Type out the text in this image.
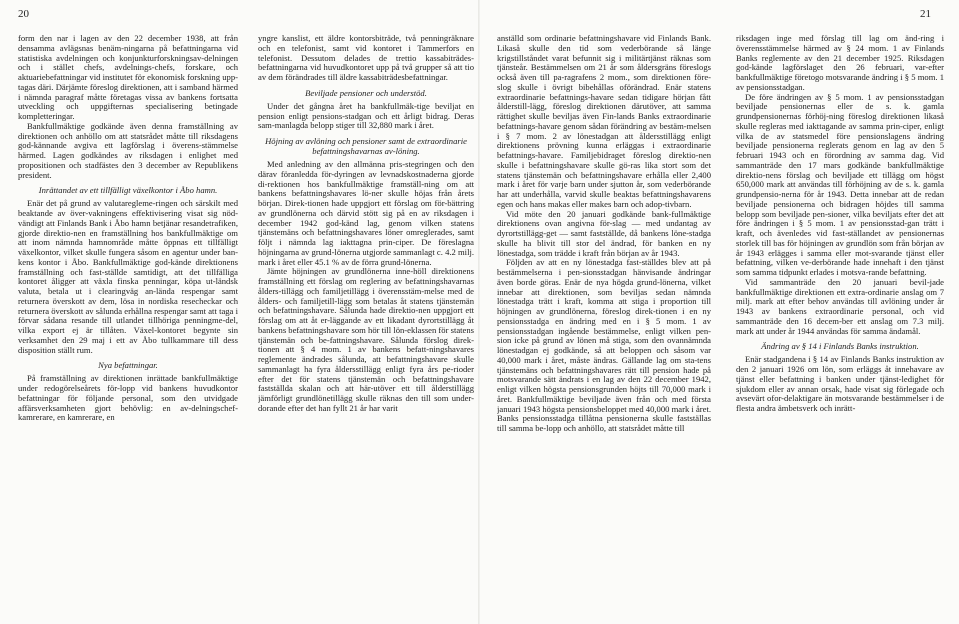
20	21

form den nar i lagen av den 22 december 1938, att från densamma avlägsnas benäm-ningarna på befattningarna vid statistiska avdelningen och konjunkturforskningsav-delningen och i stället chefs, avdelnings-chefs, forskare, och aktuariebefattningar vid institutet för ekonomisk forskning upp-tagas däri. Därjämte föreslog direktionen, att i samband härmed i nämnda paragraf måtte företagas vissa av bankens fortsatta utveckling och uppgifternas specialisering betingade kompletteringar.

Bankfullmäktige godkände även denna framställning av direktionen och anhöllo om att statsrådet måtte till riksdagens god-kännande avgiva ett lagförslag i överens-stämmelse härmed. Lagen godkändes av riksdagen i enlighet med propositionen och stadfästes den 3 december av Republikens president.

Inrättandet av ett tillfälligt växelkontor i Åbo hamn.

Enär det på grund av valutaregleme-ringen och särskilt med beaktande av över-vakningens effektivisering visat sig nöd-vändigt att Finlands Bank i Åbo hamn betjänar resandetrafiken, gjorde direktio-nen en framställning hos bankfullmäktige om att inom nämnda hamnområde måtte öppnas ett tillfälligt växelkontor, vilket skulle fungera såsom en agentur under ban-kens kontor i Åbo. Bankfullmäktige god-kände direktionens framställning och fast-ställde samtidigt, att det tillfälliga kontoret åligger att växla finska penningar, köpa ut-ländsk valuta, betala ut i clearingväg an-lända respengar samt returnera överskott av dem, lösa in nordiska resecheckar och returnera överskott av sålunda erhållna respengar samt att taga i förvar sådana resande till utlandet tillhöriga penningme-del, vilka export ej är tillåten. Växel-kontoret begynte sin verksamhet den 29 maj i ett av Åbo tullkammare till dess disposition ställt rum.

Nya befattningar.

På framställning av direktionen inrättade bankfullmäktige under redogörelseårets för-lopp vid bankens huvudkontor befattningar för följande personal, som den utvidgade affärsverksamheten gjort behövlig: en av-delningschef-kamrerare, en kamrerare, en

yngre kanslist, ett äldre kontorsbiträde, två penningräknare och en telefonist, samt vid kontoret i Tammerfors en telefonist. Dessutom delades de trettio kassabiträdes-befattningarna vid huvudkontoret upp på två grupper så att tio av dem förändrades till äldre kassabiträdesbefattningar.

Beviljade pensioner och understöd.

Under det gångna året ha bankfullmäk-tige beviljat en pension enligt pensions-stadgan och ett årligt bidrag. Deras sam-manlagda belopp stiger till 32,880 mark i året.

Höjning av avlöning och pensioner samt de extraordinarie befattningshavarnas av-löning.

Med anledning av den allmänna pris-stegringen och den därav föranledda för-dyringen av levnadskostnaderna gjorde di-rektionen hos bankfullmäktige framställ-ning om att bankens befattningshavares lö-ner skulle höjas från årets början. Direk-tionen hade uppgjort ett förslag om för-bättring av grundlönerna och därvid stött sig på en av riksdagen i december 1942 god-känd lag, genom vilken statens tjänstemäns och befattningshavares löner omreglerades, samt följt i nämnda lag iakttagna prin-ciper. De föreslagna höjningarna av grund-lönerna utgjorde sammanlagt c. 4.2 milj. mark i året eller 45.1 % av de förra grund-lönerna.

Jämte höjningen av grundlönerna inne-höll direktionens framställning ett förslag om reglering av befattningshavarnas ålders-tillägg och familjetillägg i överensstäm-melse med de ålders- och familjetill-lägg som betalas åt statens tjänstemän och befattningshavare. Sålunda hade direktio-nen uppgjort ett förslag om att åt er-läggande av ett likadant dyrortstillägg åt bankens befattningshavare som hör till lön-eklassen för statens tjänstemän och be-fattningshavare. Sålunda förslog direk-tionen att § 4 mom. 1 av bankens befatt-ningshavares reglemente ändrades sålunda, att befattningshavare skulle sammanlagt ha fyra åldersstillägg enligt fyra års pe-rioder efter det för statens tjänstemän och befattningshavare fastställda skalan och att här-utöver ett till ålderstillägg jämförligt grundlönetillägg skulle räknas den till som under-dorande efter det han fyllt 21 år har varit

anställd som ordinarie befattningshavare vid Finlands Bank. Likaså skulle den tid som vederbörande så länge krigstillståndet varat befunnit sig i militärtjänst räknas som tjänsteår. Bestämmelsen om 21 år som åldersgräns föreslogs också även till pa-ragrafens 2 mom., som direktionen före-slog skulle i övrigt bibehållas oförändrad. Enär statens extraordinarie befattnings-havare sedan tidigare hörjan fått ålderstill-lägg, föreslog direktionen därutöver, att samma rättighet skulle beviljas även Fin-lands Banks extraordinarie befattnings-havare genom sådan förändring av bestäm-melsen i § 7 mom. 2 av lönestadgan att åldersstillägg enligt direktionens prövning kunna erläggas i extraordinarie befattnings-havare. Familjebidraget föreslog direktio-nen skulle i befattningshavare skulle gö-ras lika stort som det statens tjänstemän och befattningshavare erhålla eller 2,400 mark i året för varje barn under sjutton år, som vederbörande har att underhålla, varvid skulle beaktas befattningshavarens egen och hans makas eller makes barn och adop-tivbarn.

Vid möte den 20 januari godkände bank-fullmäktige direktionens ovan angivna för-slag — med undantag av dyrortstillägg-get — samt fastställde, då bankens löne-stadga skulle ha blivit till stor del ändrad, för banken en ny lönestadga, som trädde i kraft från början av år 1943.

Följden av att en ny lönestadga fast-ställdes blev att på bestämmelserna i pen-sionsstadgan hänvisande ändringar även borde göras. Enär de nya högda grund-lönerna, vilket innebar att direktionen, som beviljas sedan nämnda lönestadga trätt i kraft, komma att stiga i proportion till höjningen av grundlönerna, föreslog direk-tionen i en ny pensionsstadga en ändring med en i § 5 mom. 1 av pensionsstadgan ingående bestämmelse, enligt vilken pen-sion icke på grund av lönen må stiga, som den ovannämnda lönestadgan ej godkände, så att beloppen och såsom var 40,000 mark i året, måste ändras. Gällande lag om sta-tens tjänstemäns och befattningshavares rätt till pension hade på motsvarande sätt ändrats i en lag av den 22 december 1942, enligt vilken högsta pensionsgrunden höjts till 70,000 mark i året. Bankfullmäktige beviljade även från och med första januari 1943 högsta pensionsbeloppet med 40,000 mark i året. Banks pensionsstadga tillåtna pensionerna skulle fastställas till samma be-lopp och anhöllo, att statsrådet måtte till

riksdagen inge med förslag till lag om änd-ring i överensstämmelse härmed av § 24 mom. 1 av Finlands Banks reglemente av den 21 december 1925. Riksdagen god-kände lagförslaget den 26 februari, var-efter bankfullmäktige företogo motsvarande ändring i § 5 mom. 1 av pensionsstadgan.

De före ändringen av § 5 mom. 1 av pensionsstadgan beviljade pensionernas eller de s. k. gamla grundpensionernas förhöj-ning föreslog direktionen likaså skulle regleras med iakttagande av samma prin-ciper, enligt vilka de av statsmedel före pensionslagens ändring beviljade pensionerna reglerats genom en lag av den 5 februari 1943 och en förordning av samma dag. Vid sammanträde den 17 mars godkände bankfullmäktige direktio-nens förslag och beviljade ett tillägg om högst 650,000 mark att användas till förhöjning av de s. k. gamla grundpensio-nerna för år 1943. Detta innebar att de redan beviljade pensionerna och bidragen höjdes till samma belopp som beviljade pen-sioner, vilka beviljats efter det att före ändringen i § 5 mom. 1 av pensionsstad-gan trätt i kraft, och ävenledes vid fast-ställandet av pensionernas storlek till bas för höjningen av grundlön som från början av år 1943 erlägges i samma eller mot-svarande tjänst eller befattning, vilken ve-derbörande hade innehaft i den tjänst som samma tidpunkt erlades i motsva-rande befattning.

Vid sammanträde den 20 januari bevil-jade bankfullmäktige direktionen ett extra-ordinarie anslag om 7 milj. mark att efter behov användas till avlöning under år 1943 av bankens extraordinarie personal, och vid sammanträde den 16 decem-ber ett anslag om 7.3 milj. mark att under år 1944 användas för samma ändamål.

Ändring av § 14 i Finlands Banks instruktion.

Enär stadgandena i § 14 av Finlands Banks instruktion av den 2 januari 1926 om lön, som erläggs åt innehavare av tjänst eller befattning i banken under tjänst-ledighet för sjukdom eller av annan orsak, hade visat sig förlegade och avsevärt ofor-delaktigare än motsvarande bestämmelser i de flesta andra ämbetsverk och inrätt-
